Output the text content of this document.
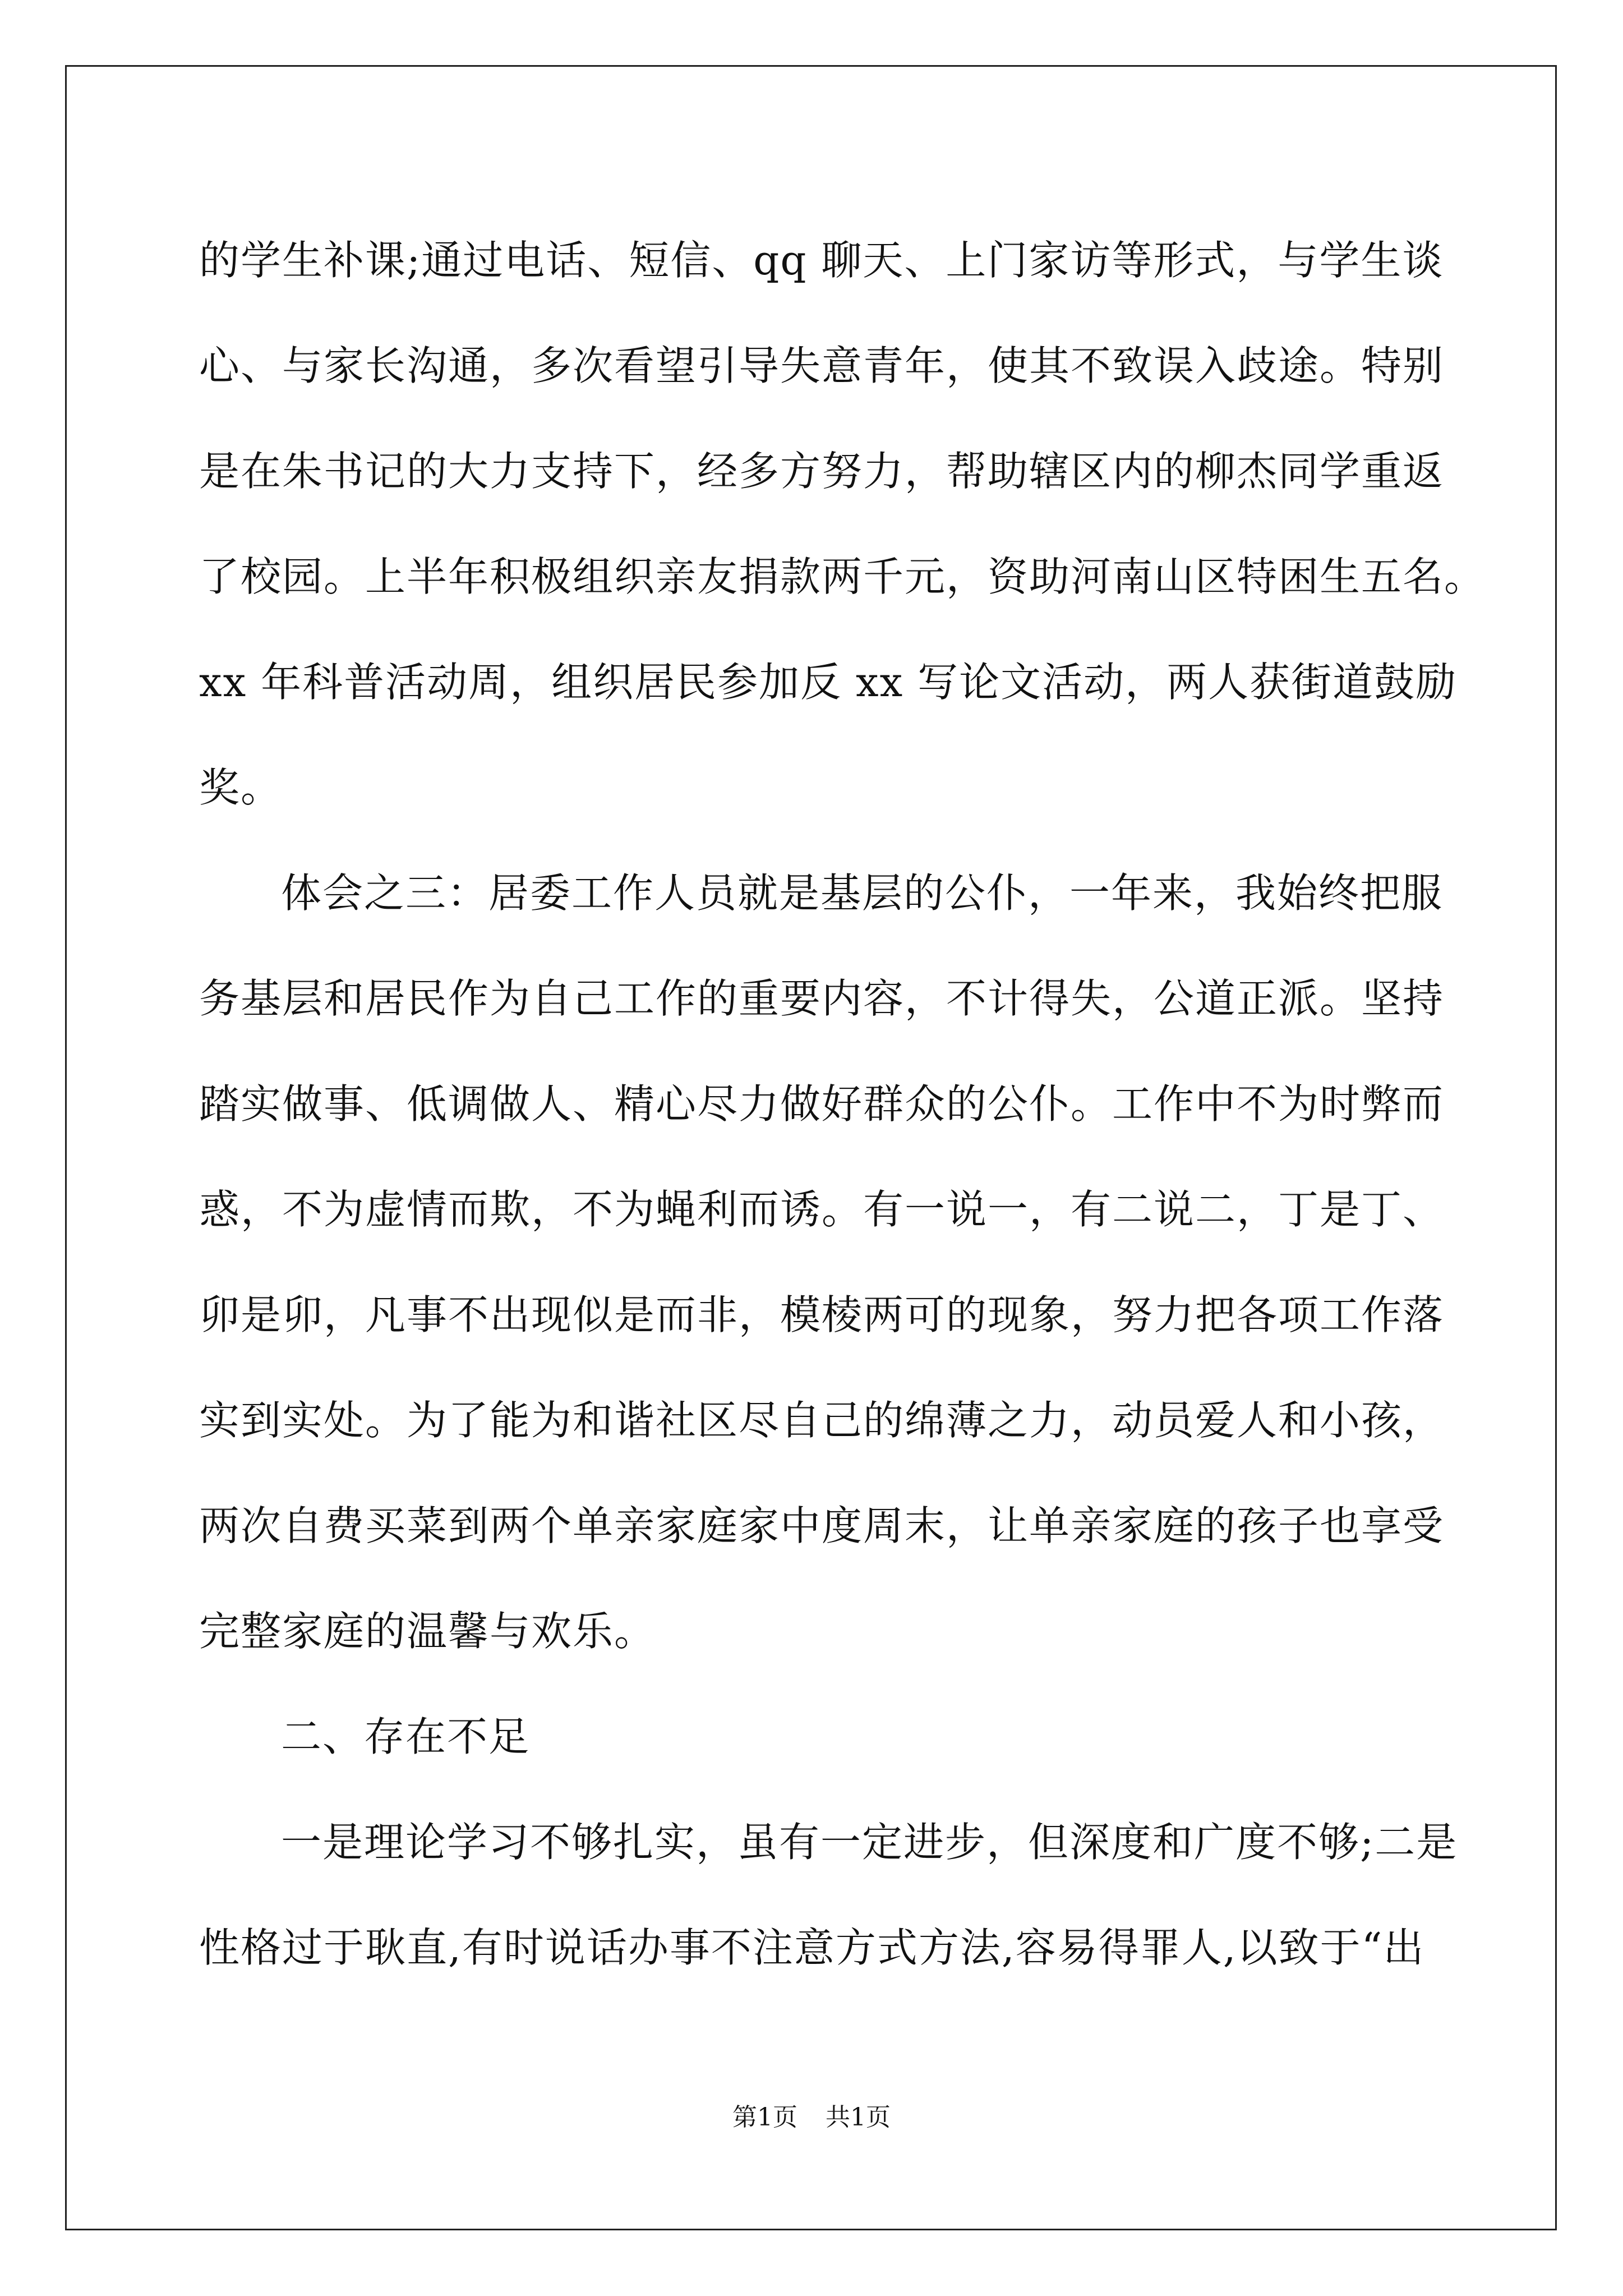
的学生补课;通过电话、短信、qq 聊天、上门家访等形式，与学生谈
心、与家长沟通，多次看望引导失意青年，使其不致误入歧途。特别
是在朱书记的大力支持下，经多方努力，帮助辖区内的柳杰同学重返
了校园。上半年积极组织亲友捐款两千元，资助河南山区特困生五名。
xx 年科普活动周，组织居民参加反 xx 写论文活动，两人获街道鼓励
奖。
体会之三：居委工作人员就是基层的公仆，一年来，我始终把服
务基层和居民作为自己工作的重要内容，不计得失，公道正派。坚持
踏实做事、低调做人、精心尽力做好群众的公仆。工作中不为时弊而
惑，不为虚情而欺，不为蝇利而诱。有一说一，有二说二，丁是丁、
卯是卯，凡事不出现似是而非，模棱两可的现象，努力把各项工作落
实到实处。为了能为和谐社区尽自己的绵薄之力，动员爱人和小孩，
两次自费买菜到两个单亲家庭家中度周末，让单亲家庭的孩子也享受
完整家庭的温馨与欢乐。
二、存在不足
一是理论学习不够扎实，虽有一定进步，但深度和广度不够;二是
性格过于耿直,有时说话办事不注意方式方法,容易得罪人,以致于“出
第1页 共1页
